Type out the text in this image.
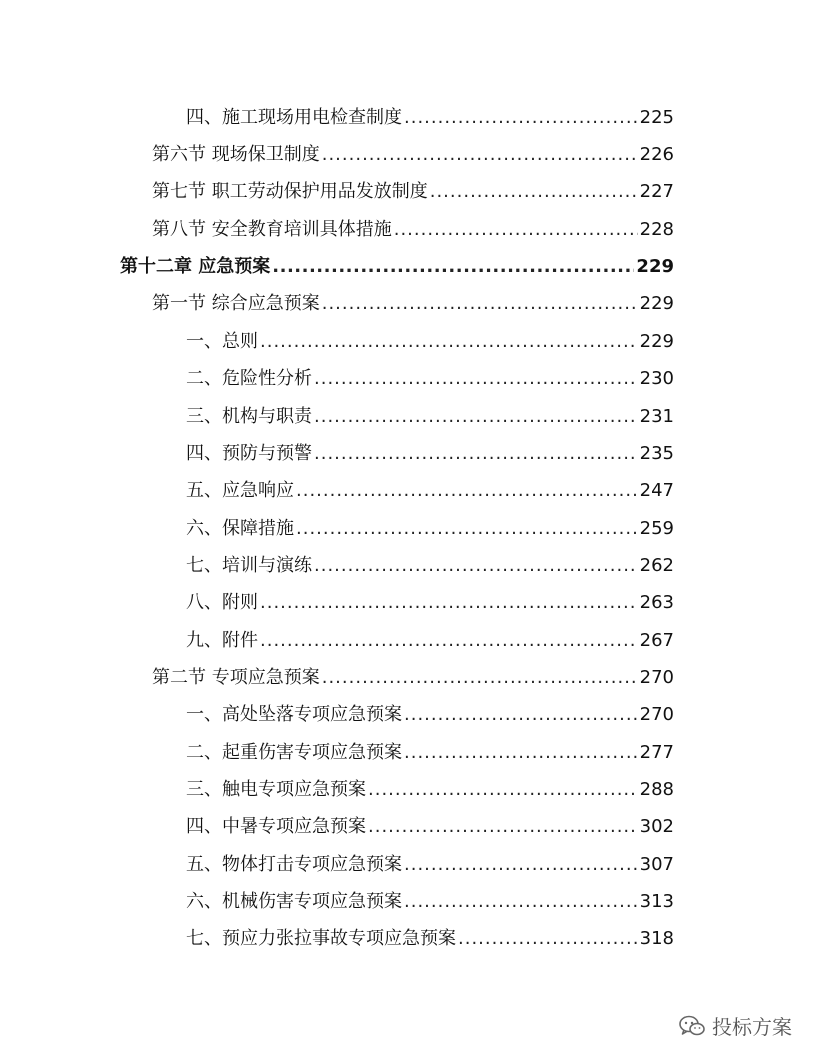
四、施工现场用电检查制度 .....	225
第六节 现场保卫制度 .....	226
第七节 职工劳动保护用品发放制度 .....	227
第八节 安全教育培训具体措施 .....	228
第十二章 应急预案 .....	229
第一节 综合应急预案 .....	229
一、总则 .....	229
二、危险性分析 .....	230
三、机构与职责 .....	231
四、预防与预警 .....	235
五、应急响应 .....	247
六、保障措施 .....	259
七、培训与演练 .....	262
八、附则 .....	263
九、附件 .....	267
第二节 专项应急预案 .....	270
一、高处坠落专项应急预案 .....	270
二、起重伤害专项应急预案 .....	277
三、触电专项应急预案 .....	288
四、中暑专项应急预案 .....	302
五、物体打击专项应急预案 .....	307
六、机械伤害专项应急预案 .....	313
七、预应力张拉事故专项应急预案 .....	318
投标方案
